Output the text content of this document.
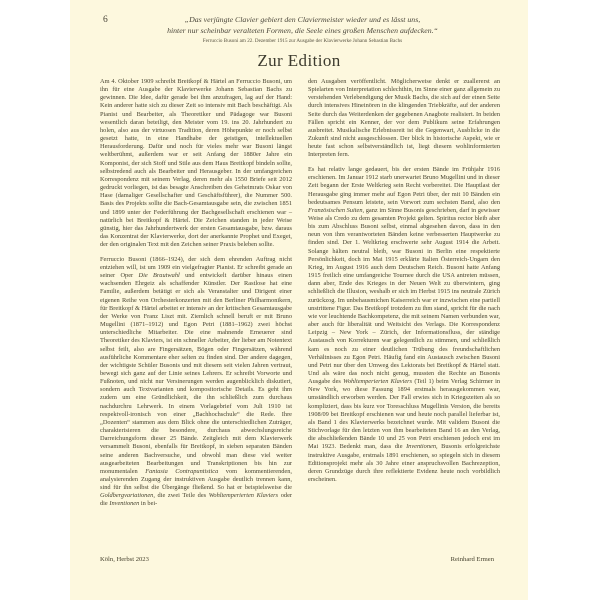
6	„Das verjüngte Clavier gebiert den Claviermeister wieder und es lässt uns,
hinter nur scheinbar veralteten Formen, die Seele eines großen Menschen aufdecken.“
Ferruccio Busoni am 22. Dezember 1915 zur Ausgabe der Klavierwerke Johann Sebastian Bachs
Zur Edition

Am 4. Oktober 1909 schreibt Breitkopf & Härtel an Ferruccio Busoni, um ihn für eine Ausgabe der Klavierwerke Johann Sebastian Bachs zu gewinnen. Die Idee, dafür gerade bei ihm anzufragen, lag auf der Hand: Kein anderer hatte sich zu dieser Zeit so intensiv mit Bach beschäftigt. Als Pianist und Bearbeiter, als Theoretiker und Pädagoge war Busoni wesentlich daran beteiligt, den Meister vom 19. ins 20. Jahrhundert zu holen, also aus der virtuosen Tradition, deren Höhepunkte er noch selbst gesetzt hatte, in eine Handhabe der geistigen, intellektuellen Herausforderung. Dafür und noch für vieles mehr war Busoni längst weltberühmt, außerdem war er seit Anfang der 1880er Jahre ein Komponist, der sich Stoff und Stile aus dem Haus Breitkopf bindeln sollte, selbstredend auch als Bearbeiter und Herausgeber. In der umfangreichen Korrespondenz mit seinem Verlag, deren mehr als 1550 Briefe seit 2012 gedruckt vorliegen, ist das besagte Anschreiben des Geheimrats Oskar von Hase (damaliger Gesellschafter und Geschäftsführer), die Nummer 500. Basis des Projekts sollte die Bach-Gesamtausgabe sein, die zwischen 1851 und 1899 unter der Federführung der Bachgesellschaft erschienen war – natürlich bei Breitkopf & Härtel. Die Zeichen standen in jeder Weise günstig, hier das Jahrhundertwerk der ersten Gesamtausgabe, bzw. daraus das Konzentrat der Klavierwerke, dort der anerkannte Prophet und Exeget, der den originalen Text mit den Zeichen seiner Praxis beleben sollte.

Ferruccio Busoni (1866–1924), der sich dem ehrenden Auftrag nicht entziehen will, ist um 1909 ein vielgefragter Pianist. Er schreibt gerade an seiner Oper Die Brautwahl und entwickelt darüber hinaus einen wachsenden Ehrgeiz als schaffender Künstler. Der Rastlose hat eine Familie, außerdem betätigt er sich als Veranstalter und Dirigent einer eigenen Reihe von Orchesterkonzerten mit den Berliner Philharmonikern, für Breitkopf & Härtel arbeitet er intensiv an der kritischen Gesamtausgabe der Werke von Franz Liszt mit. Ziemlich schnell beruft er mit Bruno Mugellini (1871–1912) und Egon Petri (1881–1962) zwei höchst unterschiedliche Mitarbeiter. Die eine mahnende Erneuerer sind Theoretiker des Klaviers, ist ein schneller Arbeiter, der lieber am Notentext selbst feilt, also are Fingersätzen, Bögen oder Fingersätzen, während ausführliche Kommentare eher selten zu finden sind. Der andere dagegen, der wichtigste Schüler Busonis und mit diesem seit vielen Jahren vertraut, bewegt sich ganz auf der Linie seines Lehrers. Er schreibt Vorworte und Fußnoten, und nicht nur Versinerungen werden augenblicklich diskutiert, sondern auch Textvarianten und kompositorische Details. Es geht ihm zudem um eine Gründlichkeit, die ihn schließlich zum durchaus nachdurchru Lehrwerk. In einem Vorlagebrief vom Juli 1910 ist respektvoll-ironisch von einer „Bachhochschule“ die Rede. Ihre „Dozenten“ stammen aus dem Blick ohne die unterschiedlichen Zuträger, charakterisieren die besondere, durchaus abwechslungsreiche Darreichungsform dieser 25 Bände. Zeitgleich mit dem Klavierwerk versammelt Busoni, ebenfalls für Breitkopf, in sieben separaten Bänden seine anderen Bachversuche, und obwohl man diese viel weiter ausgearbeiteten Bearbeitungen und Transkriptionen bis hin zur monumentalen Fantasia Contrapuntistica vom kommentierenden, analysierenden Zugang der instruktiven Ausgabe deutlich trennen kann, sind für ihn selbst die Übergänge fließend. So hat er beispielsweise die Goldbergvariationen, die zwei Teile des Wohltemperierten Klaviers oder die Inventionen in bei-

den Ausgaben veröffentlicht. Möglicherweise denkt er zuallererst an Spielarten von Interpretation schlechthin, im Sinne einer ganz allgemein zu verstehenden Verlebendigung der Musik Bachs, die sich auf der einen Seite durch intensives Hineinören in die klingenden Triebkräfte, auf der anderen Seite durch das Weiterdenken der gegebenen Anagbote realisiert. In beiden Fällen spricht ein Kenner, der vor dem Publikum seine Erfahrungen ausbreitet. Musikalische Erlebnissreit ist die Gegenwart, Ausblicke in die Zukunft sind nicht ausgeschlossen. Der blick in historische Aspekt, wie er heute fast schon selbstverständlich ist, liegt diesem wohlinformierten Interpreten fern.

Es hat relativ lange gedauert, bis der ersten Bände im Frühjahr 1916 erschienen. Im Januar 1912 starb unerwartet Bruno Mugellini und in dieser Zeit begann der Erste Weltkrieg sein Recht vorbereitet. Die Hauptlast der Herausgabe ging immer mehr auf Egon Petri über, der mit 10 Bänden ein bedeutsames Pensum leistete, sein Vorwort zum sechsten Band, also den Französischen Suiten, ganz im Sinne Busonis geschrieben, darf in gewisser Weise als Credo zu dem gesamten Projekt gelten. Spiritus rector bleib aber bis zum Abschluss Busoni selbst, einmal abgesehen davon, dass in den neun von ihm verantworteten Bänden keine verbesserten Hauptwerke zu finden sind. Der 1. Weltkrieg erschwerte sehr August 1914 die Arbeit. Solange hälten neutral bleib, war Busoni in Berlin eine respektierte Persönlichkeit, doch im Mai 1915 erklärte Italien Österreich-Ungarn den Krieg, im August 1916 auch dem Deutschen Reich. Busoni hatte Anfang 1915 freilich eine umfangreiche Tournee durch die USA antreten müssen, dann aber, Ende des Krieges in der Neuen Welt zu überwintern, ging schließlich die Illusion, weshalb er sich im Herbst 1915 ins neutrale Zürich zurückzog. Im unbehausmichen Kaiserreich war er inzwischen eine partiell unstrittene Figur. Das Breitkopf trotzdem zu ihm stand, spricht für die nach wie vor leuchtende Bachkompetenz, die mit seinem Namen verbunden war, aber auch für liberalität und Weitsicht des Verlags. Die Korrespondenz Leipzig – New York – Zürich, der Informationsfluss, der ständige Austausch von Korrekturen war gelegentlich zu stimmen, und schließlich kam es noch zu einer deutlichen Trübung des freundschaftlichen Verhältnisses zu Egon Petri. Häufig fand ein Austausch zwischen Busoni und Petri nur über den Umweg des Lektorats bei Breitkopf & Härtel statt. Und als wäre das noch nicht genug, mussten die Rechte an Busonis Ausgabe des Wohltemperierten Klaviers (Teil 1) beim Verlag Schirmer in New York, wo diese Fassung 1894 erstmals herausgekommen war, umständlich erworben werden. Der Fall erwies sich in Kriegszeiten als so kompliziert, dass bis kurz vor Toresschluss Mugellinis Version, die bereits 1908/09 bei Breitkopf erschienen war und heute noch parallel lieferbar ist, als Band 1 des Klavierwerks bezeichnet wurde. Mit validem Busoni die Stichvorlage für den letzten von ihm bearbeiteten Band 16 an den Verlag, die abschließenden Bände 10 und 25 von Petri erschienen jedoch erst im Mai 1923. Bedenkt man, dass die Inventionen, Busonis erfolgreichste instruktive Ausgabe, erstmals 1891 erschienen, so spiegeln sich in diesem Editionsprojekt mehr als 30 Jahre einer anspruchsvollen Bachrezeption, deren Grundzüge durch ihre reflektierte Evidenz heute noch vorbildlich erscheinen.

Köln, Herbst 2023	Reinhard Ermen
